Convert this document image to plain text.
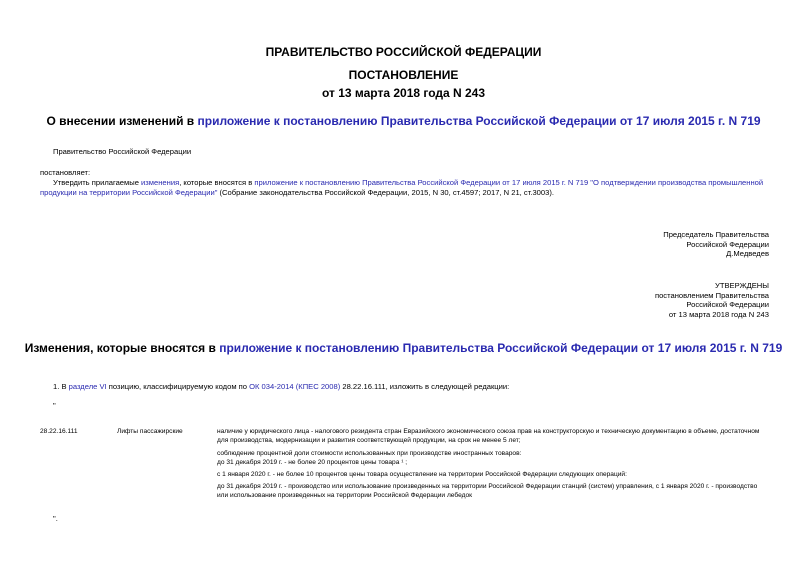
ПРАВИТЕЛЬСТВО РОССИЙСКОЙ ФЕДЕРАЦИИ
ПОСТАНОВЛЕНИЕ
от 13 марта 2018 года N 243
О внесении изменений в приложение к постановлению Правительства Российской Федерации от 17 июля 2015 г. N 719
Правительство Российской Федерации
постановляет:
Утвердить прилагаемые изменения, которые вносятся в приложение к постановлению Правительства Российской Федерации от 17 июля 2015 г. N 719 "О подтверждении производства промышленной продукции на территории Российской Федерации" (Собрание законодательства Российской Федерации, 2015, N 30, ст.4597; 2017, N 21, ст.3003).
Председатель Правительства
Российской Федерации
Д.Медведев
УТВЕРЖДЕНЫ
постановлением Правительства
Российской Федерации
от 13 марта 2018 года N 243
Изменения, которые вносятся в приложение к постановлению Правительства Российской Федерации от 17 июля 2015 г. N 719
1. В разделе VI позицию, классифицируемую кодом по ОК 034-2014 (КПЕС 2008) 28.22.16.111, изложить в следующей редакции:
"
28.22.16.111	Лифты пассажирские	наличие у юридического лица - налогового резидента стран Евразийского экономического союза прав на конструкторскую и техническую документацию в объеме, достаточном для производства, модернизации и развития соответствующей продукции, на срок не менее 5 лет;
соблюдение процентной доли стоимости использованных при производстве иностранных товаров:
до 31 декабря 2019 г. - не более 20 процентов цены товара ¹ ;
с 1 января 2020 г. - не более 10 процентов цены товара осуществление на территории Российской Федерации следующих операций:
до 31 декабря 2019 г. - производство или использование произведенных на территории Российской Федерации станций (систем) управления, с 1 января 2020 г. - производство или использование произведенных на территории Российской Федерации лебедок
".
